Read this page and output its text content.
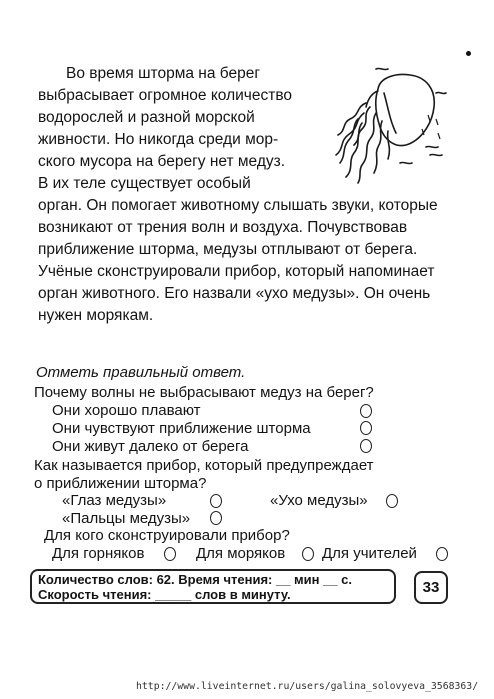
Во время шторма на берег
выбрасывает огромное количество
водорослей и разной морской
живности. Но никогда среди мор-
ского мусора на берегу нет медуз.
В их теле существует особый
орган. Он помогает животному слышать звуки, которые
возникают от трения волн и воздуха. Почувствовав
приближение шторма, медузы отплывают от берега.
Учёные сконструировали прибор, который напоминает
орган животного. Его назвали «ухо медузы». Он очень
нужен морякам.
Отметь правильный ответ.
Почему волны не выбрасывают медуз на берег?
Они хорошо плавают
Они чувствуют приближение шторма
Они живут далеко от берега
Как называется прибор, который предупреждает
о приближении шторма?
«Глаз медузы»	«Ухо медузы»
«Пальцы медузы»
Для кого сконструировали прибор?
Для горняков	Для моряков Для учителей
Количество слов: 62. Время чтения: __ мин __ с.
Скорость чтения: _____ слов в минуту.	33
http://www.liveinternet.ru/users/galina_solovyeva_3568363/
